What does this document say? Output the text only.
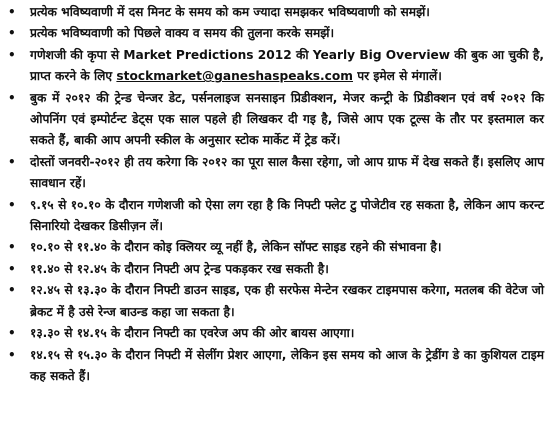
•	प्रत्येक भविष्यवाणी में दस मिनट के समय को कम ज्यादा समझकर भविष्यवाणी को समझें।
•	प्रत्येक भविष्यवाणी को पिछले वाक्य व समय की तुलना करके समझें।
•	गणेशजी की कृपा से Market Predictions 2012 की Yearly Big Overview की बुक आ चुकी है, प्राप्त करने के लिए stockmarket@ganeshaspeaks.com पर इमेल से मंगालें।
•	बुक में २०१२ की ट्रेन्ड चेन्जर डेट, पर्सनलाइज सनसाइन प्रिडीक्शन, मेजर कन्ट्री के प्रिडीक्शन एवं वर्ष २०१२ कि ओपनिंग एवं इम्पोर्टन्ट डेट्स एक साल पहले ही लिखकर दी गइ है, जिसे आप एक टूल्स के तौर पर इस्तमाल कर सकते हैं, बाकी आप अपनी स्कील के अनुसार स्टोक मार्केट में ट्रेड करें।
•	दोस्तों जनवरी-२०१२ ही तय करेगा कि २०१२ का पूरा साल कैसा रहेगा, जो आप ग्राफ में देख सकते हैं। इसलिए आप सावधान रहें।
•	९.१५ से १०.१० के दौरान गणेशजी को ऐसा लग रहा है कि निफ्टी फ्लेट टु पोजेटीव रह सकता है, लेकिन आप करन्ट सिनारियो देखकर डिसीज़न लें।
•	१०.१० से ११.४० के दौरान कोइ क्लियर व्यू नहीं है, लेकिन सॉफ्ट साइड रहने की संभावना है।
•	११.४० से १२.४५ के दौरान निफ्टी अप ट्रेन्ड पकड़कर रख सकती है।
•	१२.४५ से १३.३० के दौरान निफ्टी डाउन साइड, एक ही सरफेस मेन्टेन रखकर टाइमपास करेगा, मतलब की वेटेज जो ब्रेकट में है उसे रेन्ज बाउन्ड कहा जा सकता है।
•	१३.३० से १४.१५ के दौरान निफ्टी का एवरेज अप की ओर बायस आएगा।
•	१४.१५ से १५.३० के दौरान निफ्टी में सेलींग प्रेशर आएगा, लेकिन इस समय को आज के ट्रेडींग डे का कुशियल टाइम कह सकते हैं।
